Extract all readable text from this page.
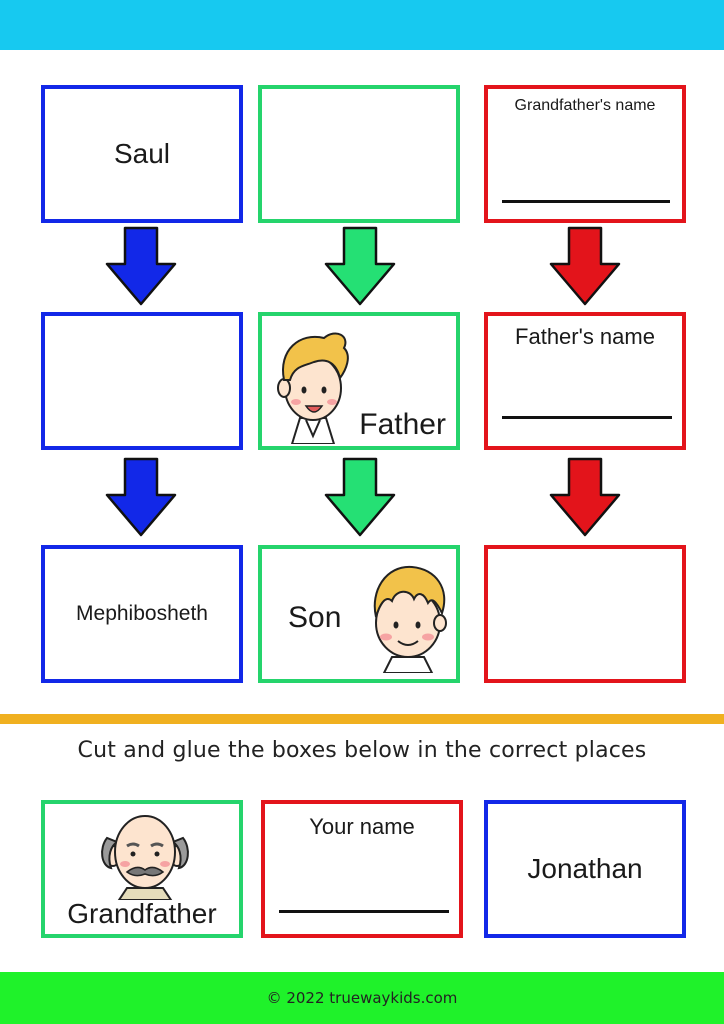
Saul
Grandfather's name
Father
Father's name
Mephibosheth	Son
Cut and glue the boxes below in the correct places
Grandfather
Your name
Jonathan
© 2022 truewaykids.com
